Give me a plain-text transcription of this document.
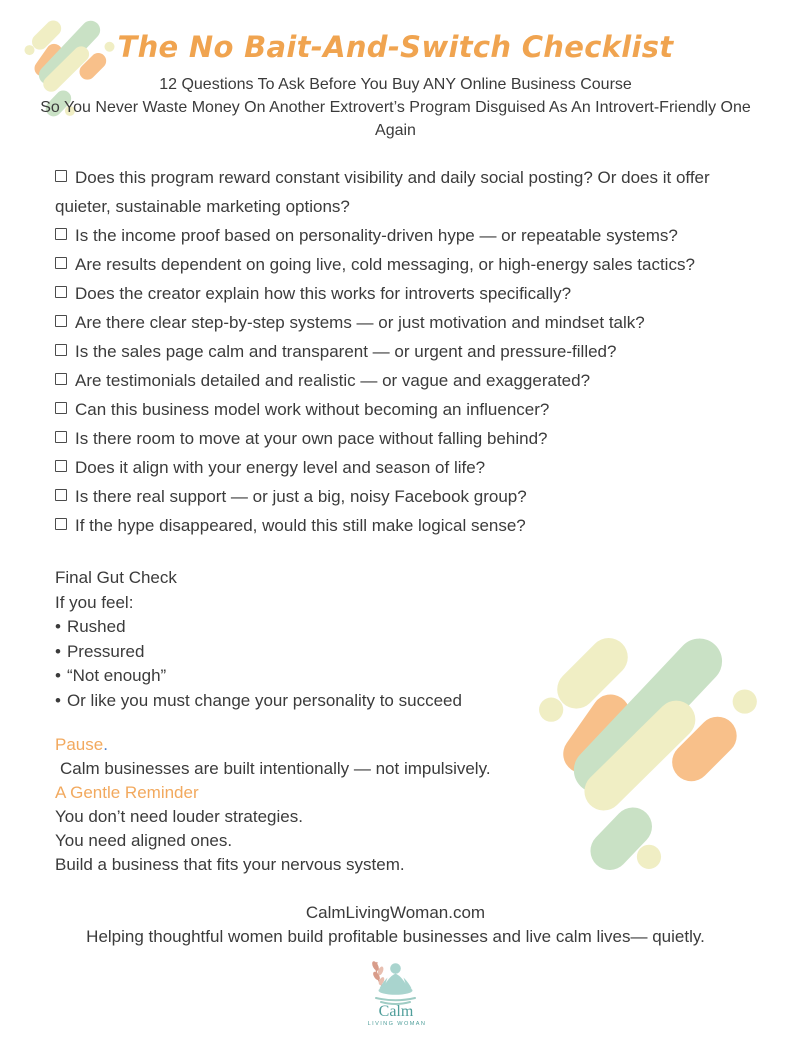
The No Bait-And-Switch Checklist
12 Questions To Ask Before You Buy ANY Online Business Course
So You Never Waste Money On Another Extrovert’s Program Disguised As An Introvert-Friendly One
Again
Does this program reward constant visibility and daily social posting? Or does it offer quieter, sustainable marketing options?
Is the income proof based on personality-driven hype — or repeatable systems?
Are results dependent on going live, cold messaging, or high-energy sales tactics?
Does the creator explain how this works for introverts specifically?
Are there clear step-by-step systems — or just motivation and mindset talk?
Is the sales page calm and transparent — or urgent and pressure-filled?
Are testimonials detailed and realistic — or vague and exaggerated?
Can this business model work without becoming an influencer?
Is there room to move at your own pace without falling behind?
Does it align with your energy level and season of life?
Is there real support — or just a big, noisy Facebook group?
If the hype disappeared, would this still make logical sense?
Final Gut Check
If you feel:
• Rushed
• Pressured
• “Not enough”
• Or like you must change your personality to succeed
Pause.
Calm businesses are built intentionally — not impulsively.
A Gentle Reminder
You don’t need louder strategies.
You need aligned ones.
Build a business that fits your nervous system.
CalmLivingWoman.com
Helping thoughtful women build profitable businesses and live calm lives— quietly.
Calm
LIVING WOMAN
